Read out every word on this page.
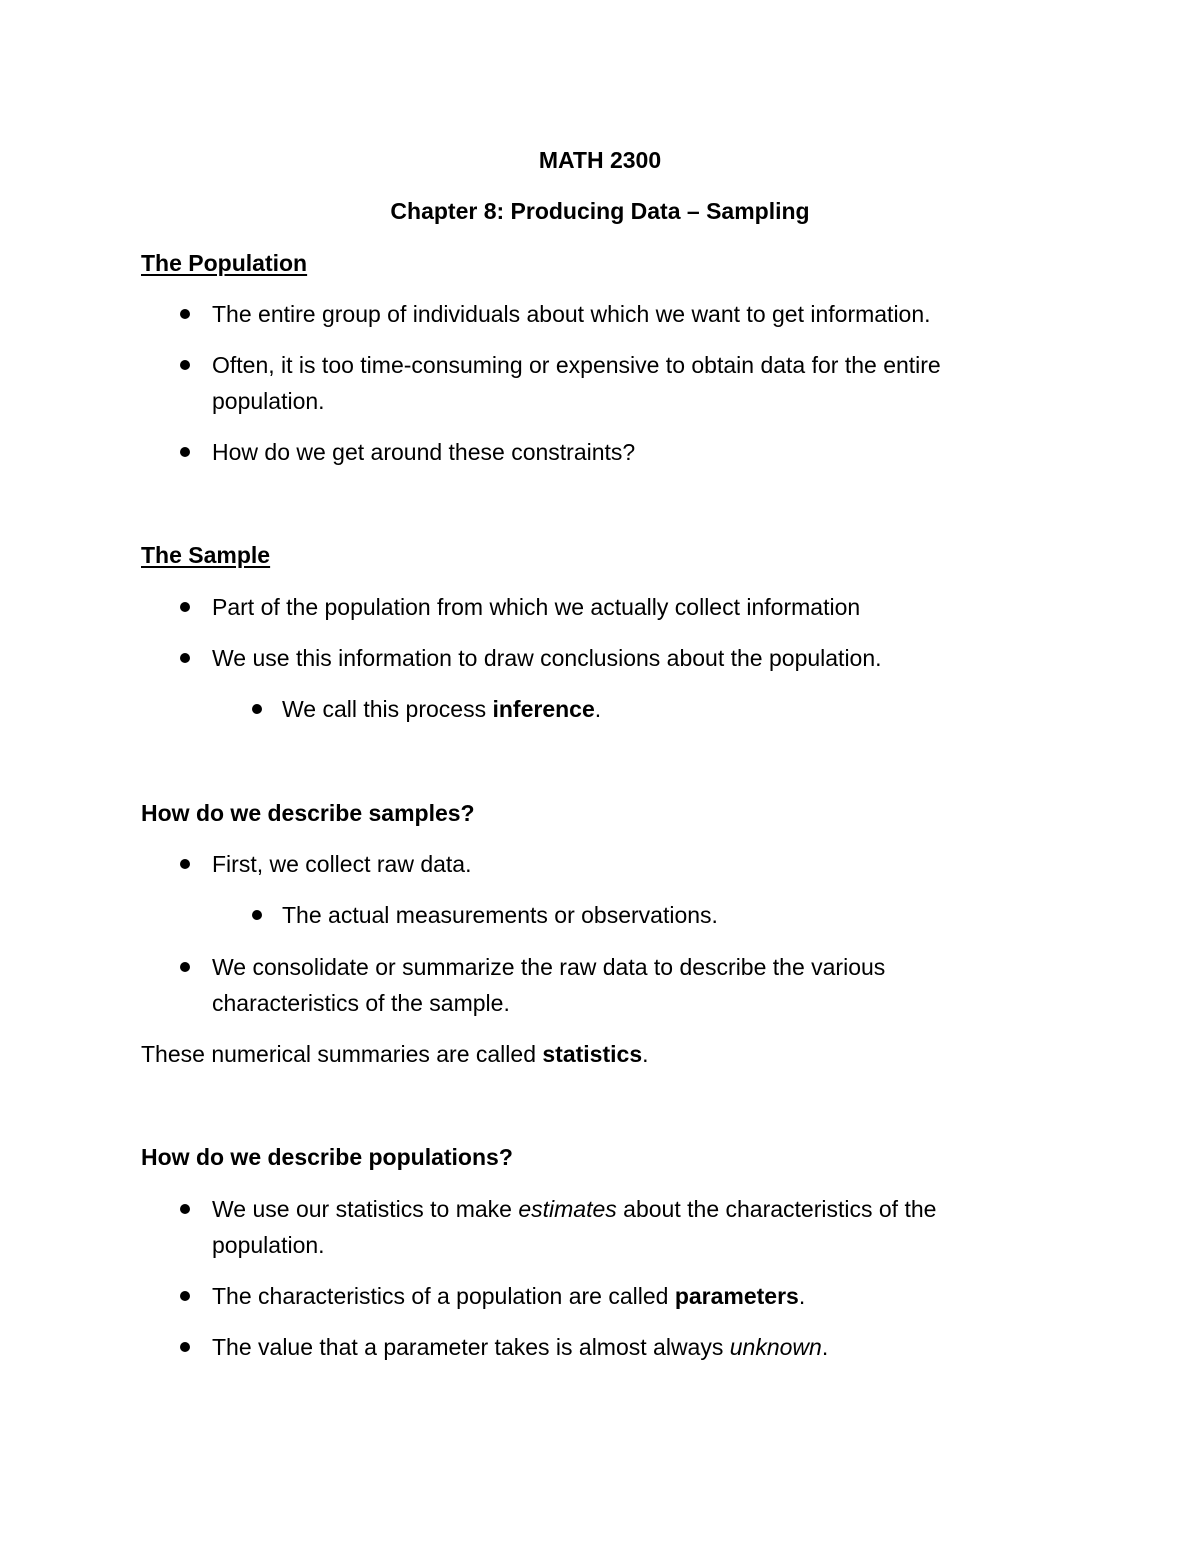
MATH 2300
Chapter 8: Producing Data – Sampling
The Population
The entire group of individuals about which we want to get information.
Often, it is too time-consuming or expensive to obtain data for the entire
population.
How do we get around these constraints?
The Sample
Part of the population from which we actually collect information
We use this information to draw conclusions about the population.
We call this process inference.
How do we describe samples?
First, we collect raw data.
The actual measurements or observations.
We consolidate or summarize the raw data to describe the various
characteristics of the sample.
These numerical summaries are called statistics.
How do we describe populations?
We use our statistics to make estimates about the characteristics of the
population.
The characteristics of a population are called parameters.
The value that a parameter takes is almost always unknown.
